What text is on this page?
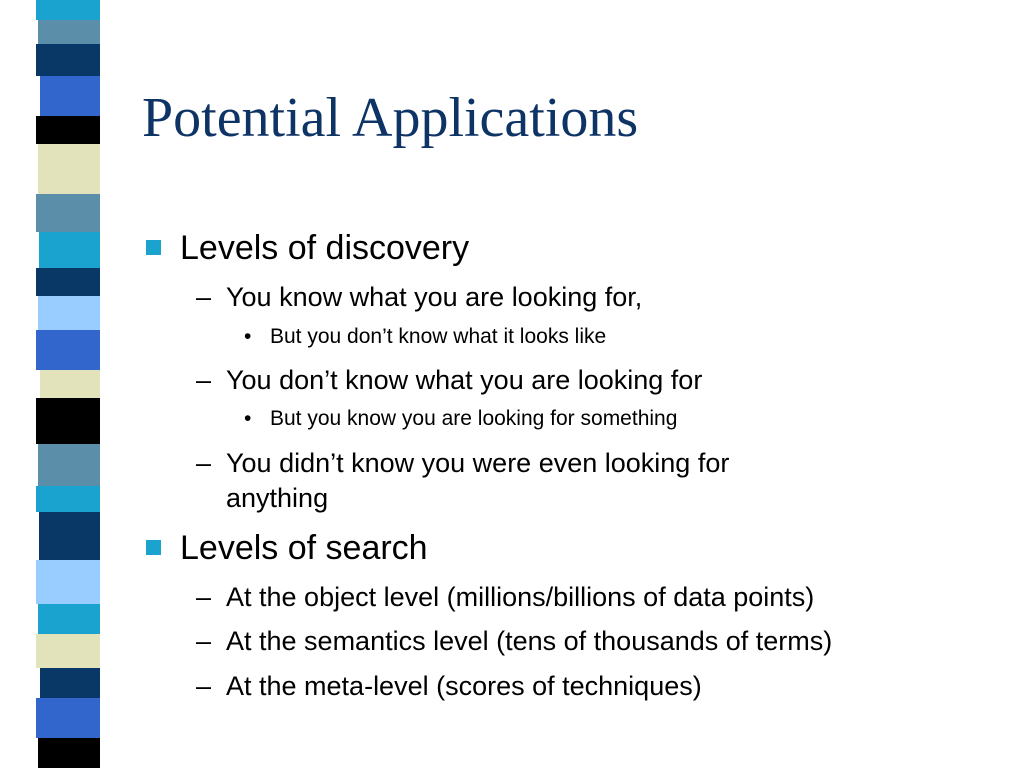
Potential Applications
Levels of discovery
– You know what you are looking for,
• But you don’t know what it looks like
– You don’t know what you are looking for
• But you know you are looking for something
– You didn’t know you were even looking for
anything
Levels of search
– At the object level (millions/billions of data points)
– At the semantics level (tens of thousands of terms)
– At the meta-level (scores of techniques)
